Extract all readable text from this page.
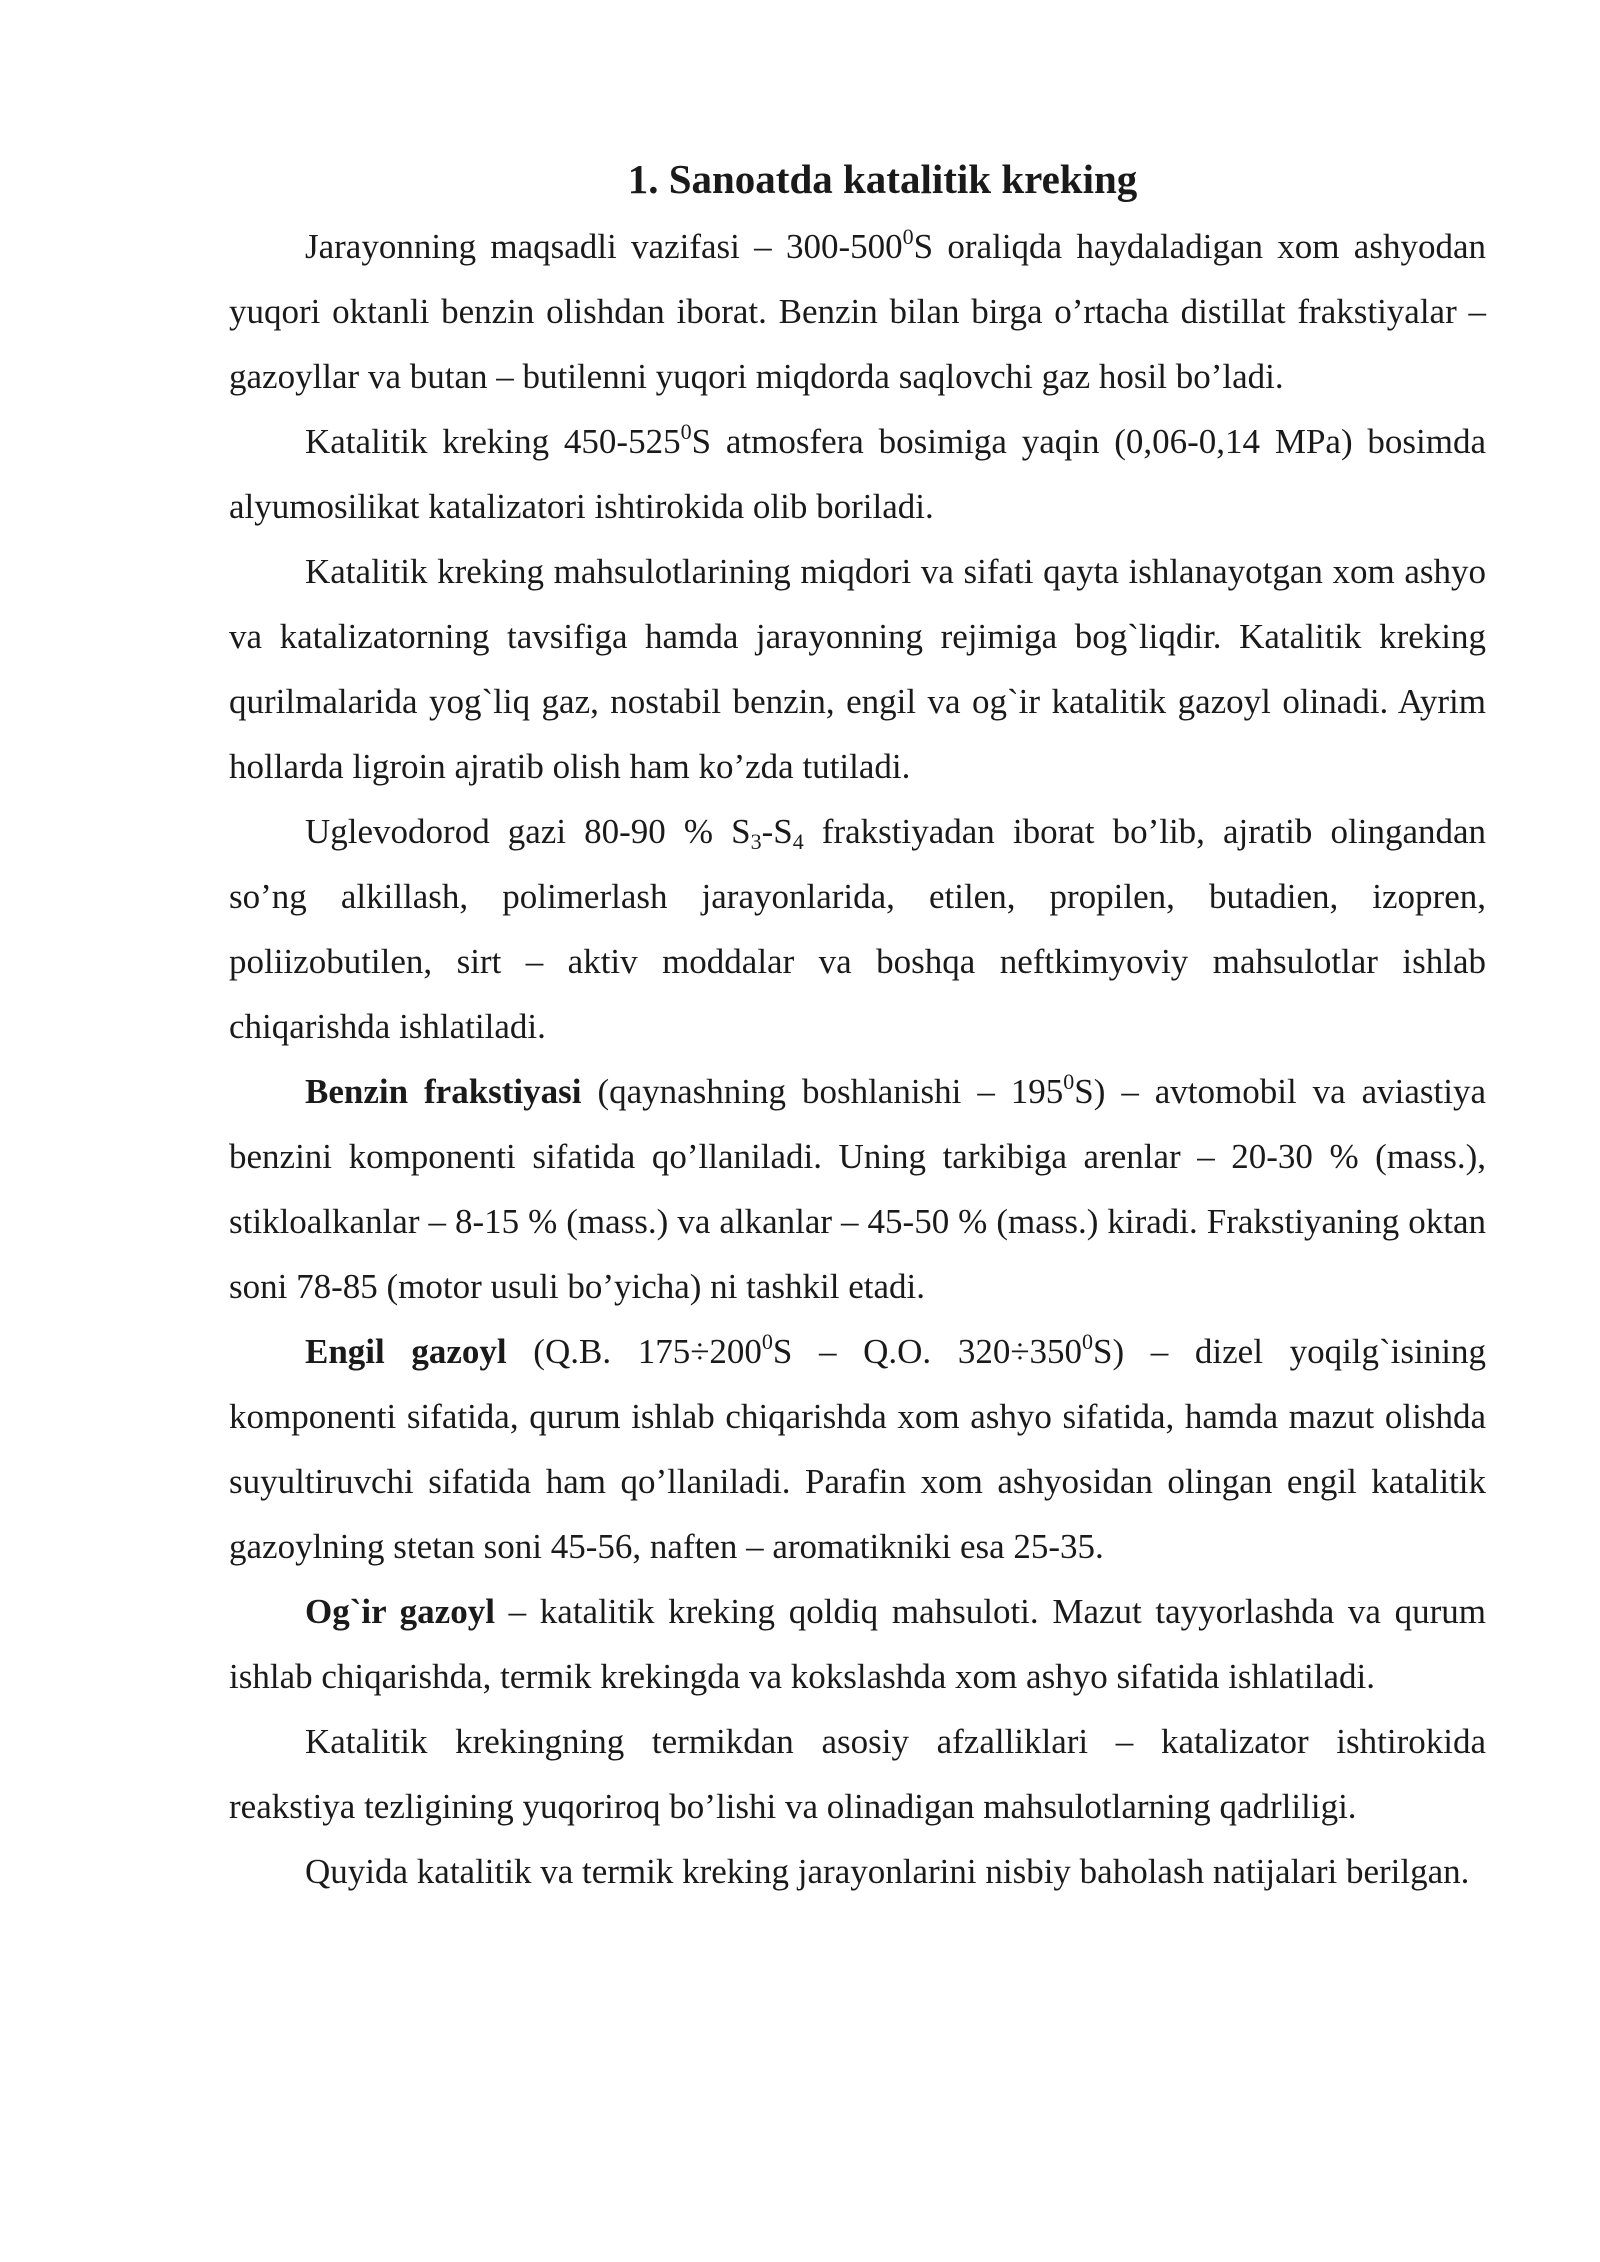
1. Sanoatda katalitik kreking

Jarayonning maqsadli vazifasi – $300-500^0S$ oraliqda haydaladigan xom ashyodan yuqori oktanli benzin olishdan iborat. Benzin bilan birga o’rtacha distillat frakstiyalar – gazoyllar va butan – butilenni yuqori miqdorda saqlovchi gaz hosil bo’ladi.

Katalitik kreking $450-525^0S$ atmosfera bosimiga yaqin (0,06-0,14 MPa) bosimda alyumosilikat katalizatori ishtirokida olib boriladi.

Katalitik kreking mahsulotlarining miqdori va sifati qayta ishlanayotgan xom ashyo va katalizatorning tavsifiga hamda jarayonning rejimiga bog`liqdir. Katalitik kreking qurilmalarida yog`liq gaz, nostabil benzin, engil va og`ir katalitik gazoyl olinadi. Ayrim hollarda ligroin ajratib olish ham ko’zda tutiladi.

Uglevodorod gazi 80-90 % $S_3-S_4$ frakstiyadan iborat bo’lib, ajratib olingandan so’ng alkillash, polimerlash jarayonlarida, etilen, propilen, butadien, izopren, poliizobutilen, sirt – aktiv moddalar va boshqa neftkimyoviy mahsulotlar ishlab chiqarishda ishlatiladi.

Benzin frakstiyasi (qaynashning boshlanishi – $195^0S$) – avtomobil va aviastiya benzini komponenti sifatida qo’llaniladi. Uning tarkibiga arenlar – 20-30 % (mass.), stikloalkanlar – 8-15 % (mass.) va alkanlar – 45-50 % (mass.) kiradi. Frakstiyaning oktan soni 78-85 (motor usuli bo’yicha) ni tashkil etadi.

Engil gazoyl (Q.B. $175\div 200^0S - Q.O$. $320\div 350^0S$) – dizel yoqilg`isining komponenti sifatida, qurum ishlab chiqarishda xom ashyo sifatida, hamda mazut olishda suyultiruvchi sifatida ham qo’llaniladi. Parafin xom ashyosidan olingan engil katalitik gazoylning stetan soni 45-56, naften – aromatikniki esa 25-35.

Og`ir gazoyl – katalitik kreking qoldiq mahsuloti. Mazut tayyorlashda va qurum ishlab chiqarishda, termik krekingda va kokslashda xom ashyo sifatida ishlatiladi.

Katalitik krekingning termikdan asosiy afzalliklari – katalizator ishtirokida reakstiya tezligining yuqoriroq bo’lishi va olinadigan mahsulotlarning qadrliligi.

Quyida katalitik va termik kreking jarayonlarini nisbiy baholash natijalari berilgan.
